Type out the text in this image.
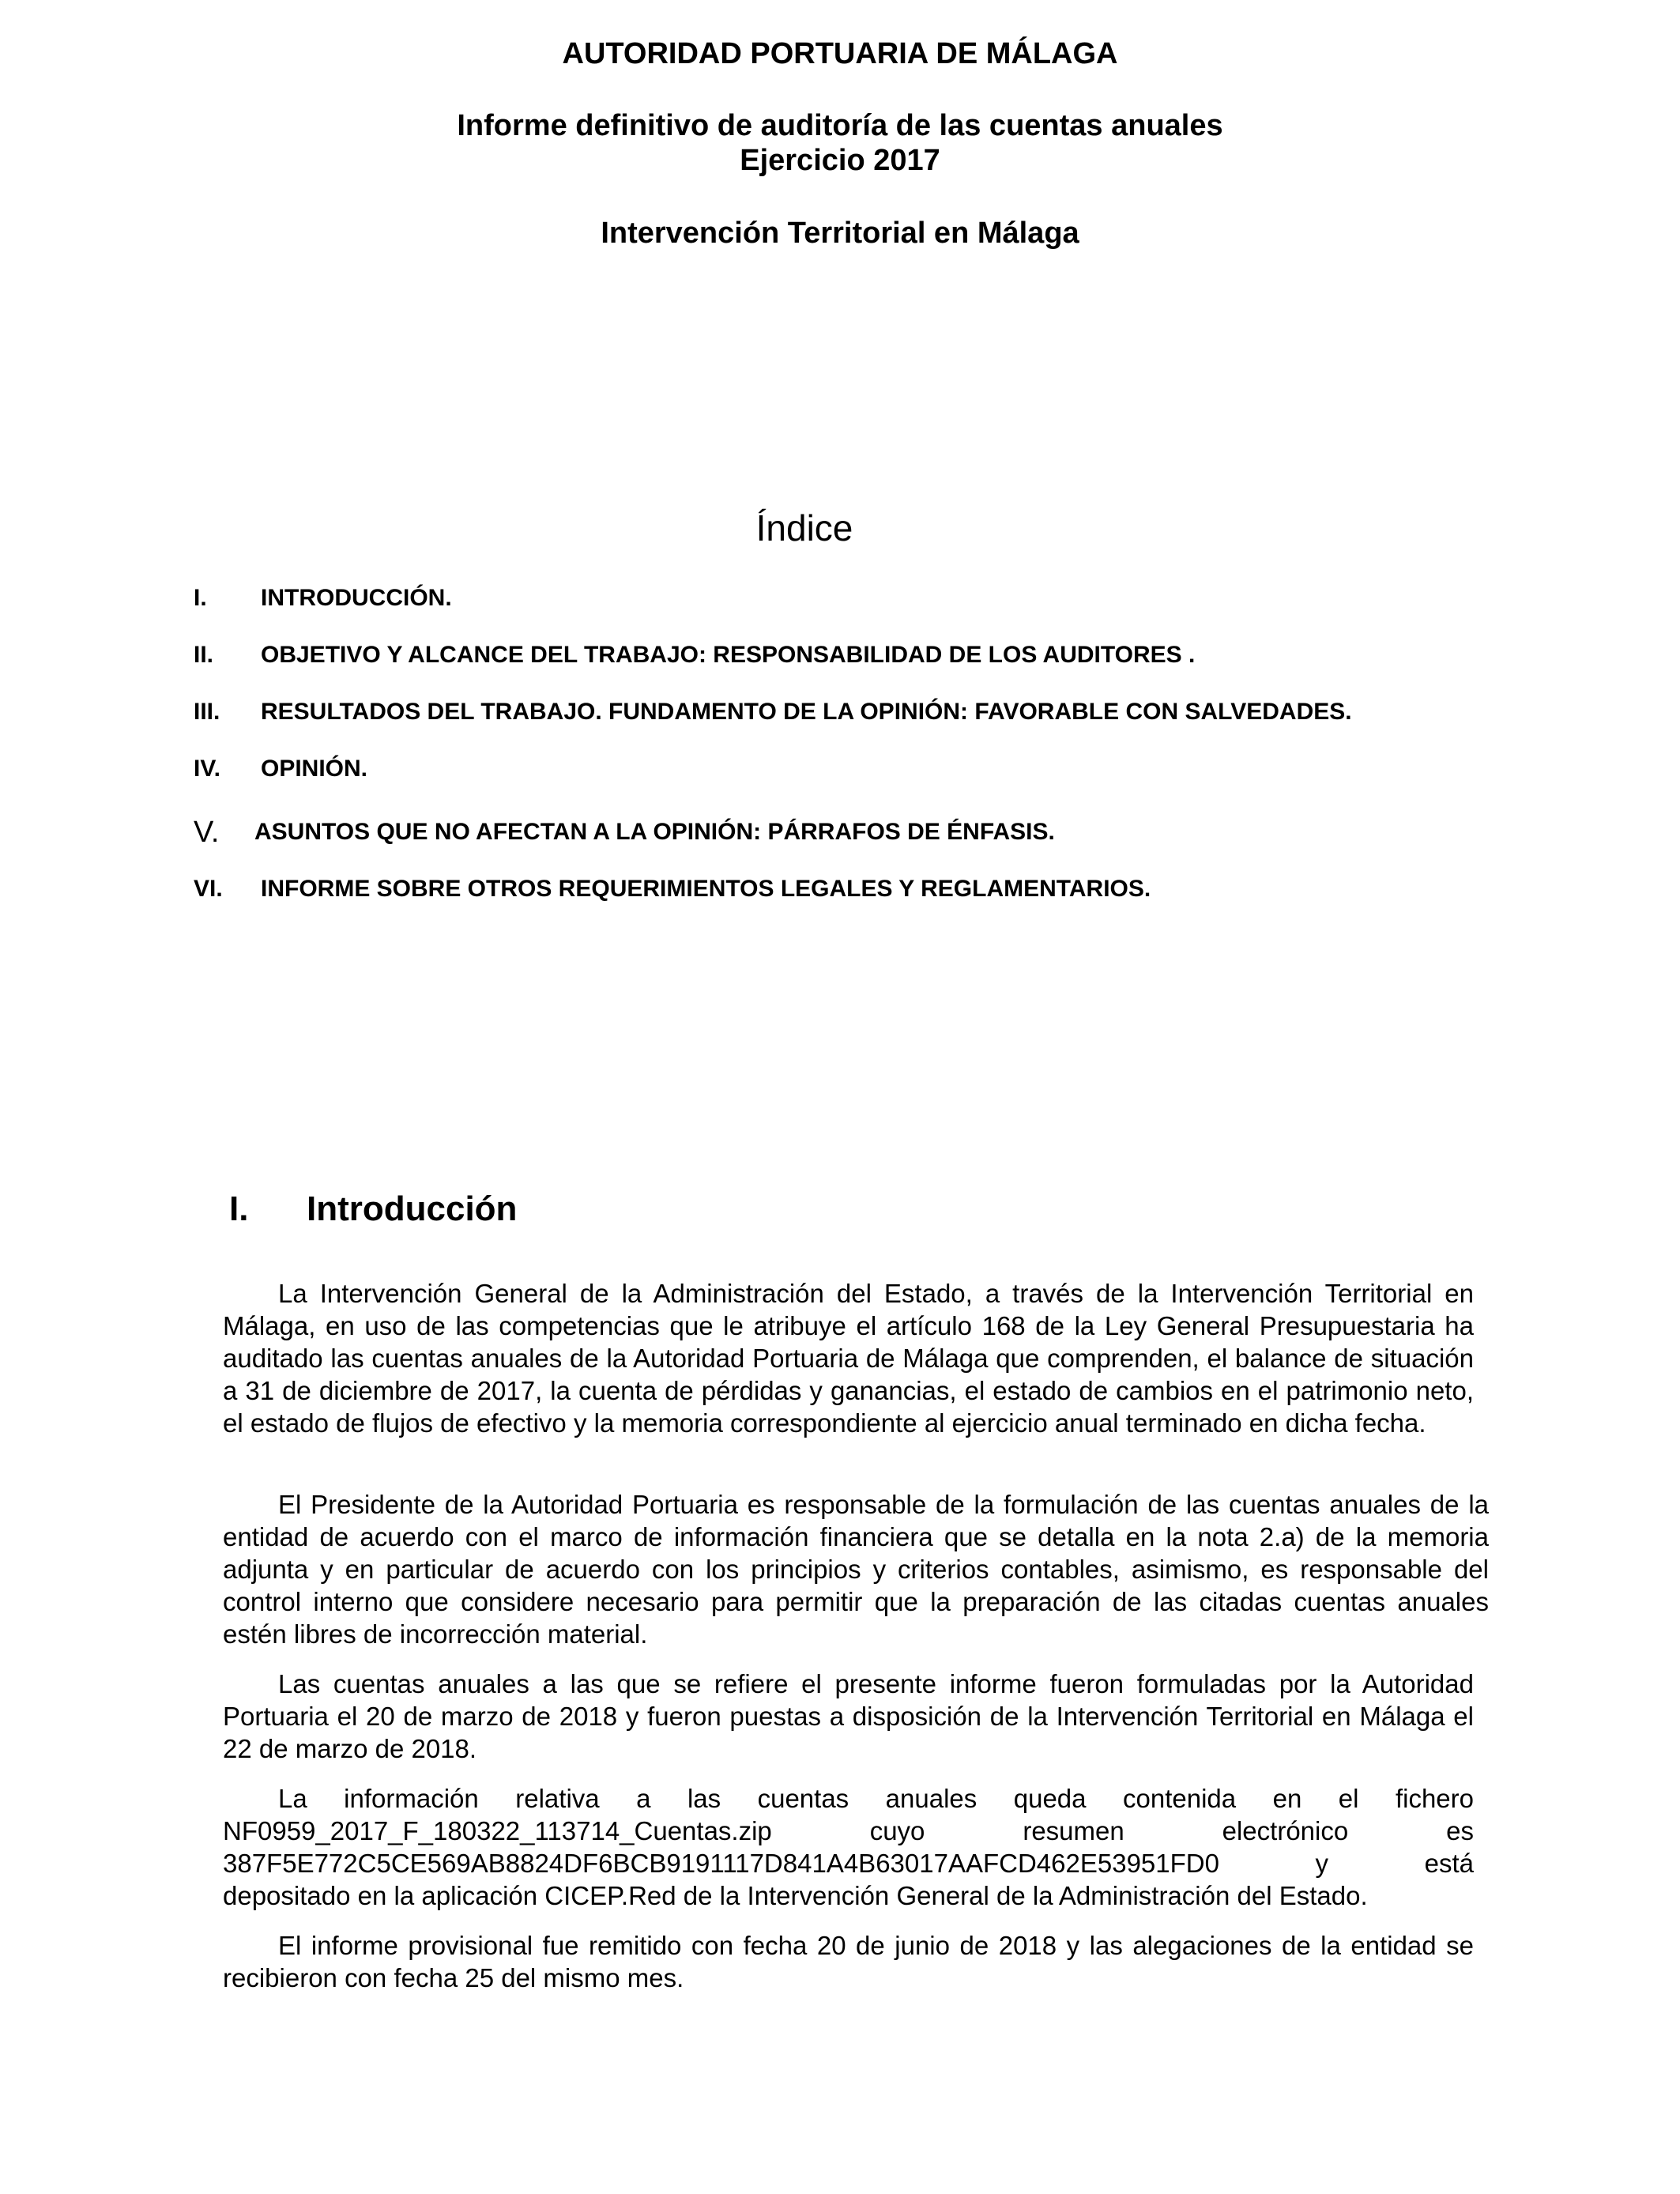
AUTORIDAD PORTUARIA DE MÁLAGA
Informe definitivo de auditoría de las cuentas anuales
Ejercicio 2017
Intervención Territorial en Málaga
Índice
I. INTRODUCCIÓN.
II. OBJETIVO Y ALCANCE DEL TRABAJO: RESPONSABILIDAD DE LOS AUDITORES .
III. RESULTADOS DEL TRABAJO. FUNDAMENTO DE LA OPINIÓN: FAVORABLE CON SALVEDADES.
IV. OPINIÓN.
V. ASUNTOS QUE NO AFECTAN A LA OPINIÓN: PÁRRAFOS DE ÉNFASIS.
VI. INFORME SOBRE OTROS REQUERIMIENTOS LEGALES Y REGLAMENTARIOS.
I. Introducción

La Intervención General de la Administración del Estado, a través de la Intervención Territorial en Málaga, en uso de las competencias que le atribuye el artículo 168 de la Ley General Presupuestaria ha auditado las cuentas anuales de la Autoridad Portuaria de Málaga que comprenden, el balance de situación a 31 de diciembre de 2017, la cuenta de pérdidas y ganancias, el estado de cambios en el patrimonio neto, el estado de flujos de efectivo y la memoria correspondiente al ejercicio anual terminado en dicha fecha.

El Presidente de la Autoridad Portuaria es responsable de la formulación de las cuentas anuales de la entidad de acuerdo con el marco de información financiera que se detalla en la nota 2.a) de la memoria adjunta y en particular de acuerdo con los principios y criterios contables, asimismo, es responsable del control interno que considere necesario para permitir que la preparación de las citadas cuentas anuales estén libres de incorrección material.

Las cuentas anuales a las que se refiere el presente informe fueron formuladas por la Autoridad Portuaria el 20 de marzo de 2018 y fueron puestas a disposición de la Intervención Territorial en Málaga el 22 de marzo de 2018.

La información relativa a las cuentas anuales queda contenida en el fichero
NF0959_2017_F_180322_113714_Cuentas.zip	cuyo	resumen	electrónico	es
387F5E772C5CE569AB8824DF6BCB9191117D841A4B63017AAFCD462E53951FD0	y	está
depositado en la aplicación CICEP.Red de la Intervención General de la Administración del Estado.

El informe provisional fue remitido con fecha 20 de junio de 2018 y las alegaciones de la entidad se recibieron con fecha 25 del mismo mes.
